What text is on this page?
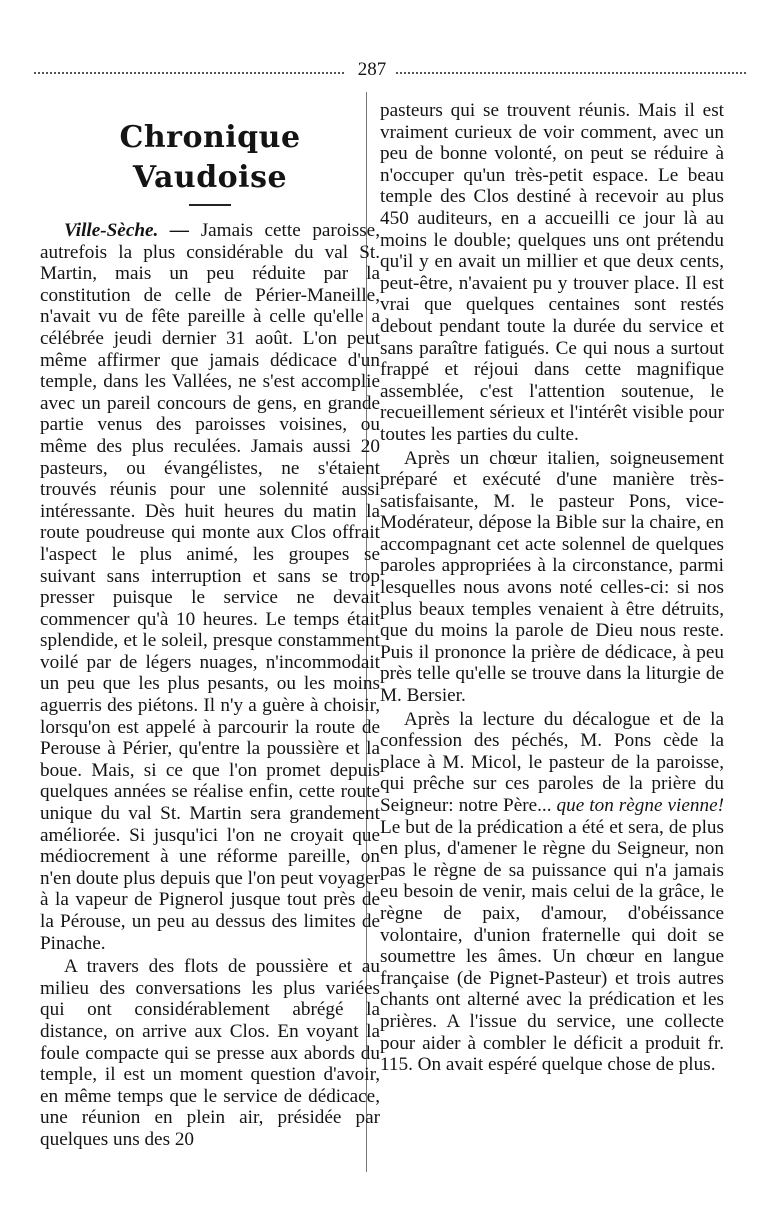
287
Chronique Vaudoise

Ville-Sèche. — Jamais cette paroisse, autrefois la plus considérable du val St. Martin, mais un peu réduite par la constitution de celle de Périer-Maneille, n'avait vu de fête pareille à celle qu'elle a célébrée jeudi dernier 31 août. L'on peut même affirmer que jamais dédicace d'un temple, dans les Vallées, ne s'est accomplie avec un pareil concours de gens, en grande partie venus des paroisses voisines, ou même des plus reculées. Jamais aussi 20 pasteurs, ou évangélistes, ne s'étaient trouvés réunis pour une solennité aussi intéressante. Dès huit heures du matin la route poudreuse qui monte aux Clos offrait l'aspect le plus animé, les groupes se suivant sans interruption et sans se trop presser puisque le service ne devait commencer qu'à 10 heures. Le temps était splendide, et le soleil, presque constamment voilé par de légers nuages, n'incommodait un peu que les plus pesants, ou les moins aguerris des piétons. Il n'y a guère à choisir, lorsqu'on est appelé à parcourir la route de Perouse à Périer, qu'entre la poussière et la boue. Mais, si ce que l'on promet depuis quelques années se réalise enfin, cette route unique du val St. Martin sera grandement améliorée. Si jusqu'ici l'on ne croyait que médiocrement à une réforme pareille, on n'en doute plus depuis que l'on peut voyager à la vapeur de Pignerol jusque tout près de la Pérouse, un peu au dessus des limites de Pinache.

A travers des flots de poussière et au milieu des conversations les plus variées qui ont considérablement abrégé la distance, on arrive aux Clos. En voyant la foule compacte qui se presse aux abords du temple, il est un moment question d'avoir, en même temps que le service de dédicace, une réunion en plein air, présidée par quelques uns des 20

pasteurs qui se trouvent réunis. Mais il est vraiment curieux de voir comment, avec un peu de bonne volonté, on peut se réduire à n'occuper qu'un très-petit espace. Le beau temple des Clos destiné à recevoir au plus 450 auditeurs, en a accueilli ce jour là au moins le double; quelques uns ont prétendu qu'il y en avait un millier et que deux cents, peut-être, n'avaient pu y trouver place. Il est vrai que quelques centaines sont restés debout pendant toute la durée du service et sans paraître fatigués. Ce qui nous a surtout frappé et réjoui dans cette magnifique assemblée, c'est l'attention soutenue, le recueillement sérieux et l'intérêt visible pour toutes les parties du culte.

Après un chœur italien, soigneusement préparé et exécuté d'une manière très-satisfaisante, M. le pasteur Pons, vice-Modérateur, dépose la Bible sur la chaire, en accompagnant cet acte solennel de quelques paroles appropriées à la circonstance, parmi lesquelles nous avons noté celles-ci: si nos plus beaux temples venaient à être détruits, que du moins la parole de Dieu nous reste. Puis il prononce la prière de dédicace, à peu près telle qu'elle se trouve dans la liturgie de M. Bersier.

Après la lecture du décalogue et de la confession des péchés, M. Pons cède la place à M. Micol, le pasteur de la paroisse, qui prêche sur ces paroles de la prière du Seigneur: notre Père... que ton règne vienne! Le but de la prédication a été et sera, de plus en plus, d'amener le règne du Seigneur, non pas le règne de sa puissance qui n'a jamais eu besoin de venir, mais celui de la grâce, le règne de paix, d'amour, d'obéissance volontaire, d'union fraternelle qui doit se soumettre les âmes. Un chœur en langue française (de Pignet-Pasteur) et trois autres chants ont alterné avec la prédication et les prières. A l'issue du service, une collecte pour aider à combler le déficit a produit fr. 115. On avait espéré quelque chose de plus.
